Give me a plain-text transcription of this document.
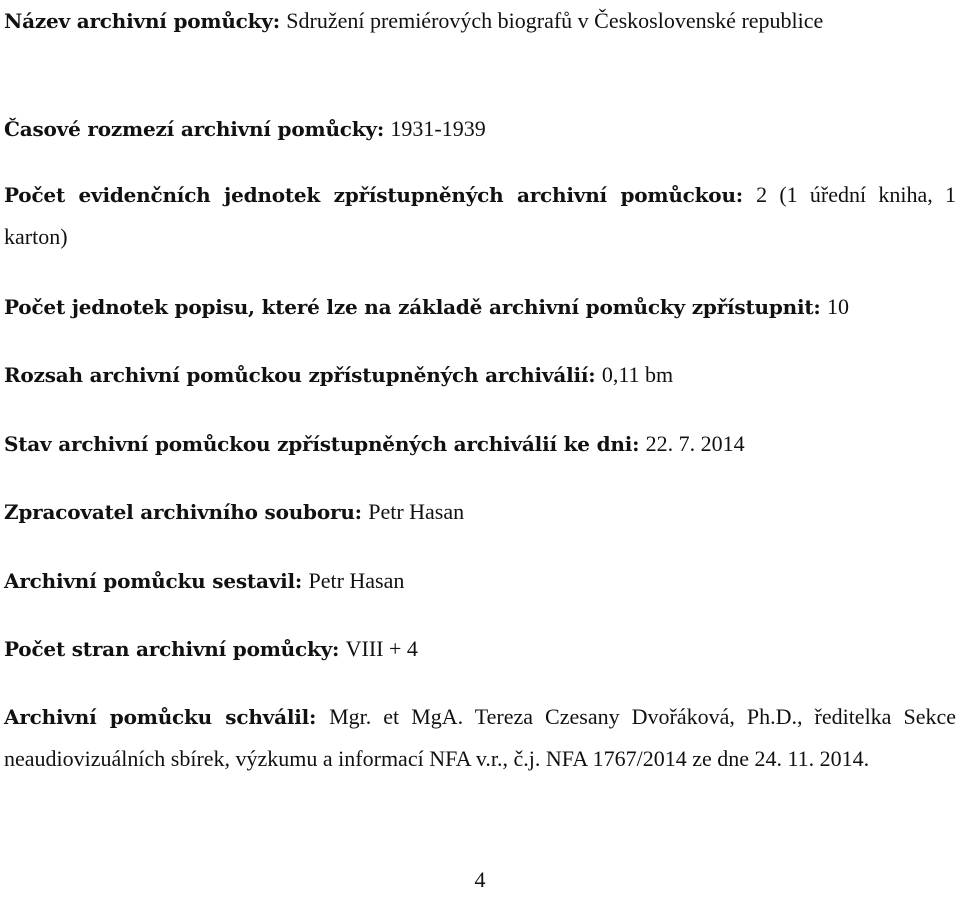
Název archivní pomůcky: Sdružení premiérových biografů v Československé republice
Časové rozmezí archivní pomůcky: 1931-1939
Počet evidenčních jednotek zpřístupněných archivní pomůckou: 2 (1 úřední kniha, 1 karton)
Počet jednotek popisu, které lze na základě archivní pomůcky zpřístupnit: 10
Rozsah archivní pomůckou zpřístupněných archiválií: 0,11 bm
Stav archivní pomůckou zpřístupněných archiválií ke dni: 22. 7. 2014
Zpracovatel archivního souboru: Petr Hasan
Archivní pomůcku sestavil: Petr Hasan
Počet stran archivní pomůcky: VIII + 4
Archivní pomůcku schválil: Mgr. et MgA. Tereza Czesany Dvořáková, Ph.D., ředitelka Sekce neaudiovizuálních sbírek, výzkumu a informací NFA v.r., č.j. NFA 1767/2014 ze dne 24. 11. 2014.
4
